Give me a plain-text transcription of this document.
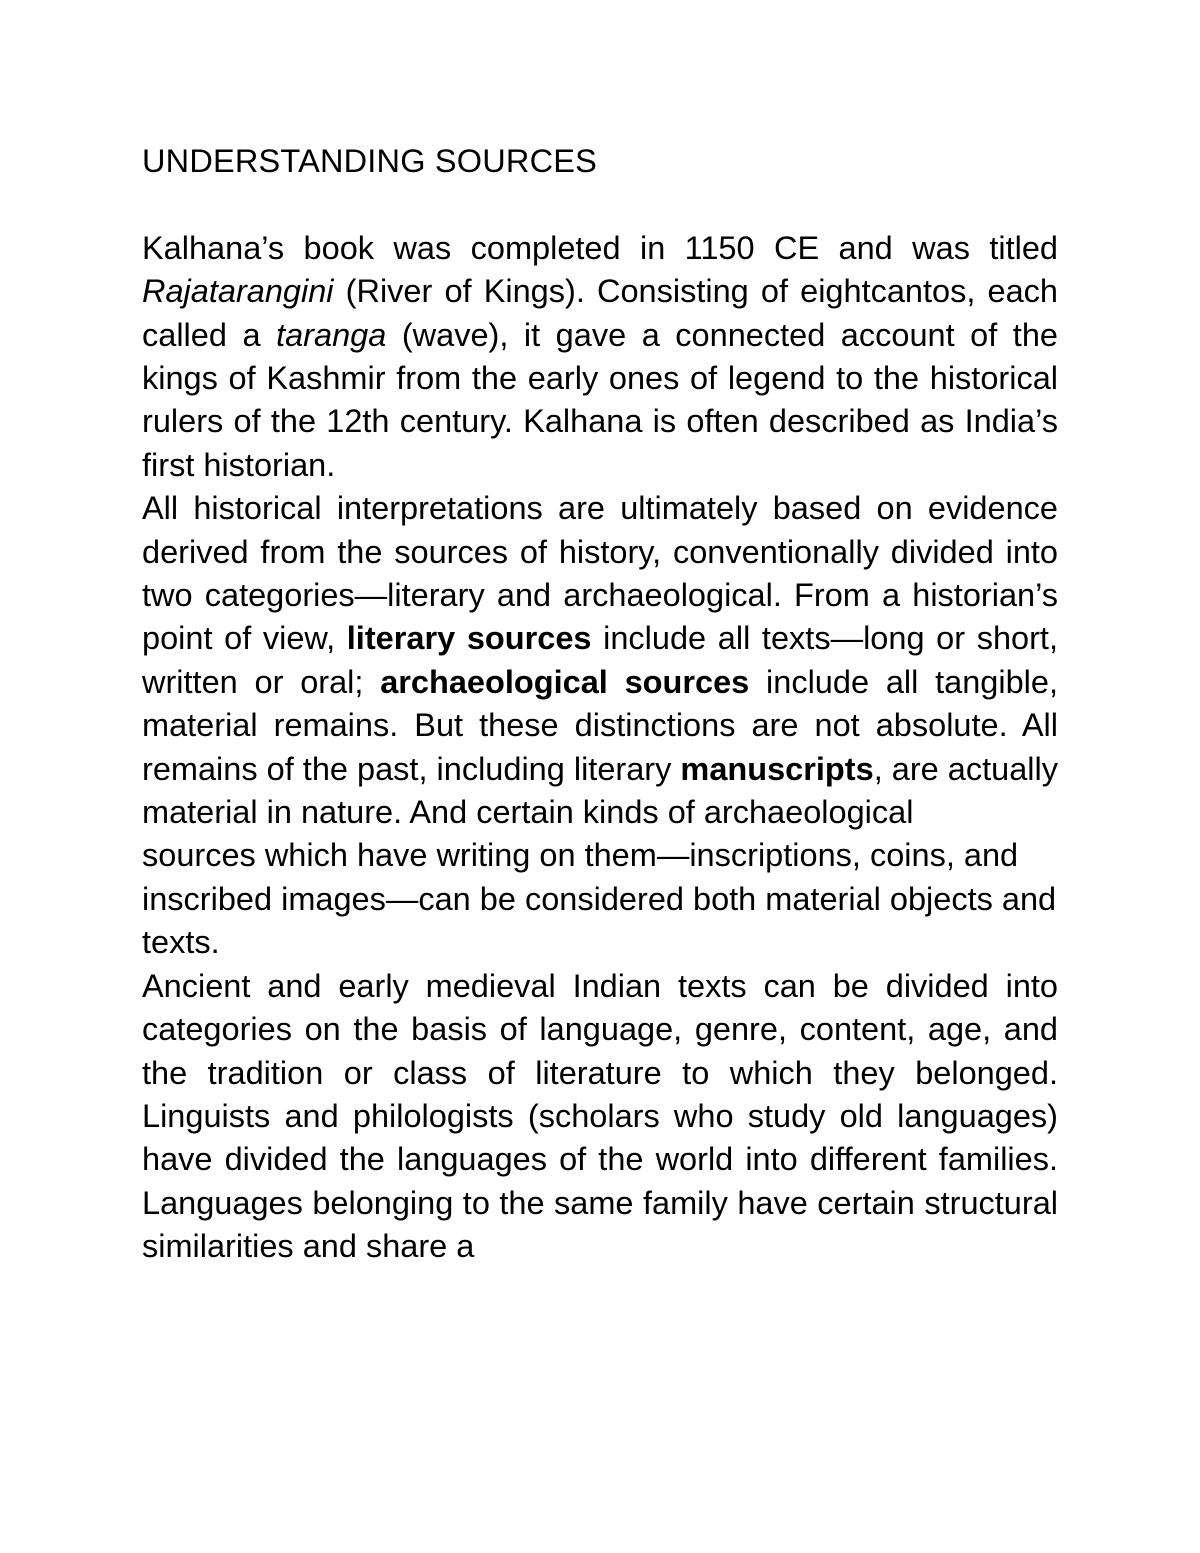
UNDERSTANDING SOURCES

Kalhana’s book was completed in 1150 CE and was titled Rajatarangini (River of Kings). Consisting of eightcantos, each called a taranga (wave), it gave a connected account of the kings of Kashmir from the early ones of legend to the historical rulers of the 12th century. Kalhana is often described as India’s first historian.

All historical interpretations are ultimately based on evidence derived from the sources of history, conventionally divided into two categories—literary and archaeological. From a historian’s point of view, literary sources include all texts—long or short, written or oral; archaeological sources include all tangible, material remains. But these distinctions are not absolute. All remains of the past, including literary manuscripts, are actually material in nature. And certain kinds of archaeological

sources which have writing on them—inscriptions, coins, and inscribed images—can be considered both material objects and texts.

Ancient and early medieval Indian texts can be divided into categories on the basis of language, genre, content, age, and the tradition or class of literature to which they belonged. Linguists and philologists (scholars who study old languages) have divided the languages of the world into different families. Languages belonging to the same family have certain structural similarities and share a
